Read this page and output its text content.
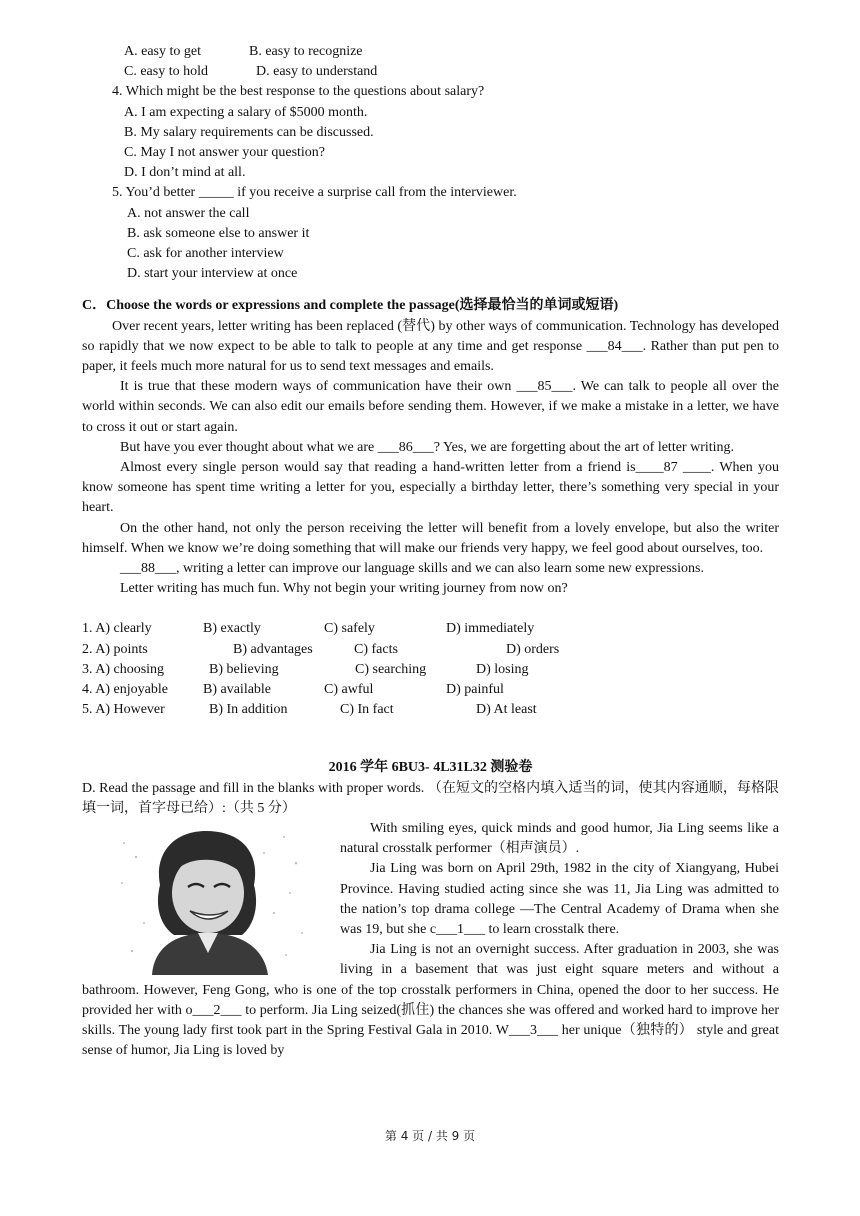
A. easy to get	B. easy to recognize
C. easy to hold	D. easy to understand
4. Which might be the best response to the questions about salary?
A. I am expecting a salary of $5000 month.
B. My salary requirements can be discussed.
C. May I not answer your question?
D. I don’t mind at all.
5. You’d better _____ if you receive a surprise call from the interviewer.
A. not answer the call
B. ask someone else to answer it
C. ask for another interview
D. start your interview at once
C．Choose the words or expressions and complete the passage(选择最恰当的单词或短语)

Over recent years, letter writing has been replaced (替代) by other ways of communication. Technology has developed so rapidly that we now expect to be able to talk to people at any time and get response ___84___. Rather than put pen to paper, it feels much more natural for us to send text messages and emails.

It is true that these modern ways of communication have their own ___85___. We can talk to people all over the world within seconds. We can also edit our emails before sending them. However, if we make a mistake in a letter, we have to cross it out or start again.

But have you ever thought about what we are ___86___? Yes, we are forgetting about the art of letter writing.

Almost every single person would say that reading a hand-written letter from a friend is____87 ____. When you know someone has spent time writing a letter for you, especially a birthday letter, there’s something very special in your heart.

On the other hand, not only the person receiving the letter will benefit from a lovely envelope, but also the writer himself. When we know we’re doing something that will make our friends very happy, we feel good about ourselves, too.

___88___, writing a letter can improve our language skills and we can also learn some new expressions.

Letter writing has much fun. Why not begin your writing journey from now on?

1. A) clearly	B) exactly	C) safely	D) immediately
2. A) points	B) advantages	C) facts	D) orders
3. A) choosing	B) believing	C) searching	D) losing
4. A) enjoyable	B) available	C) awful	D) painful
5. A) However	B) In addition	C) In fact	D) At least
2016 学年 6BU3- 4L31L32 测验卷

D. Read the passage and fill in the blanks with proper words. （在短文的空格内填入适当的词，使其内容通顺，每格限填一词，首字母已给）:（共 5 分）

With smiling eyes, quick minds and good humor, Jia Ling seems like a natural crosstalk performer（相声演员）.

Jia Ling was born on April 29th, 1982 in the city of Xiangyang, Hubei Province. Having studied acting since she was 11, Jia Ling was admitted to the nation’s top drama college —The Central Academy of Drama when she was 19, but she c___1___ to learn crosstalk there.

Jia Ling is not an overnight success. After graduation in 2003, she was living in a basement that was just eight square meters and without a bathroom. However, Feng Gong, who is one of the top crosstalk performers in China, opened the door to her success. He provided her with o___2___ to perform. Jia Ling seized(抓住) the chances she was offered and worked hard to improve her skills. The young lady first took part in the Spring Festival Gala in 2010. W___3___ her unique（独特的） style and great sense of humor, Jia Ling is loved by

第 4 页 / 共 9 页
